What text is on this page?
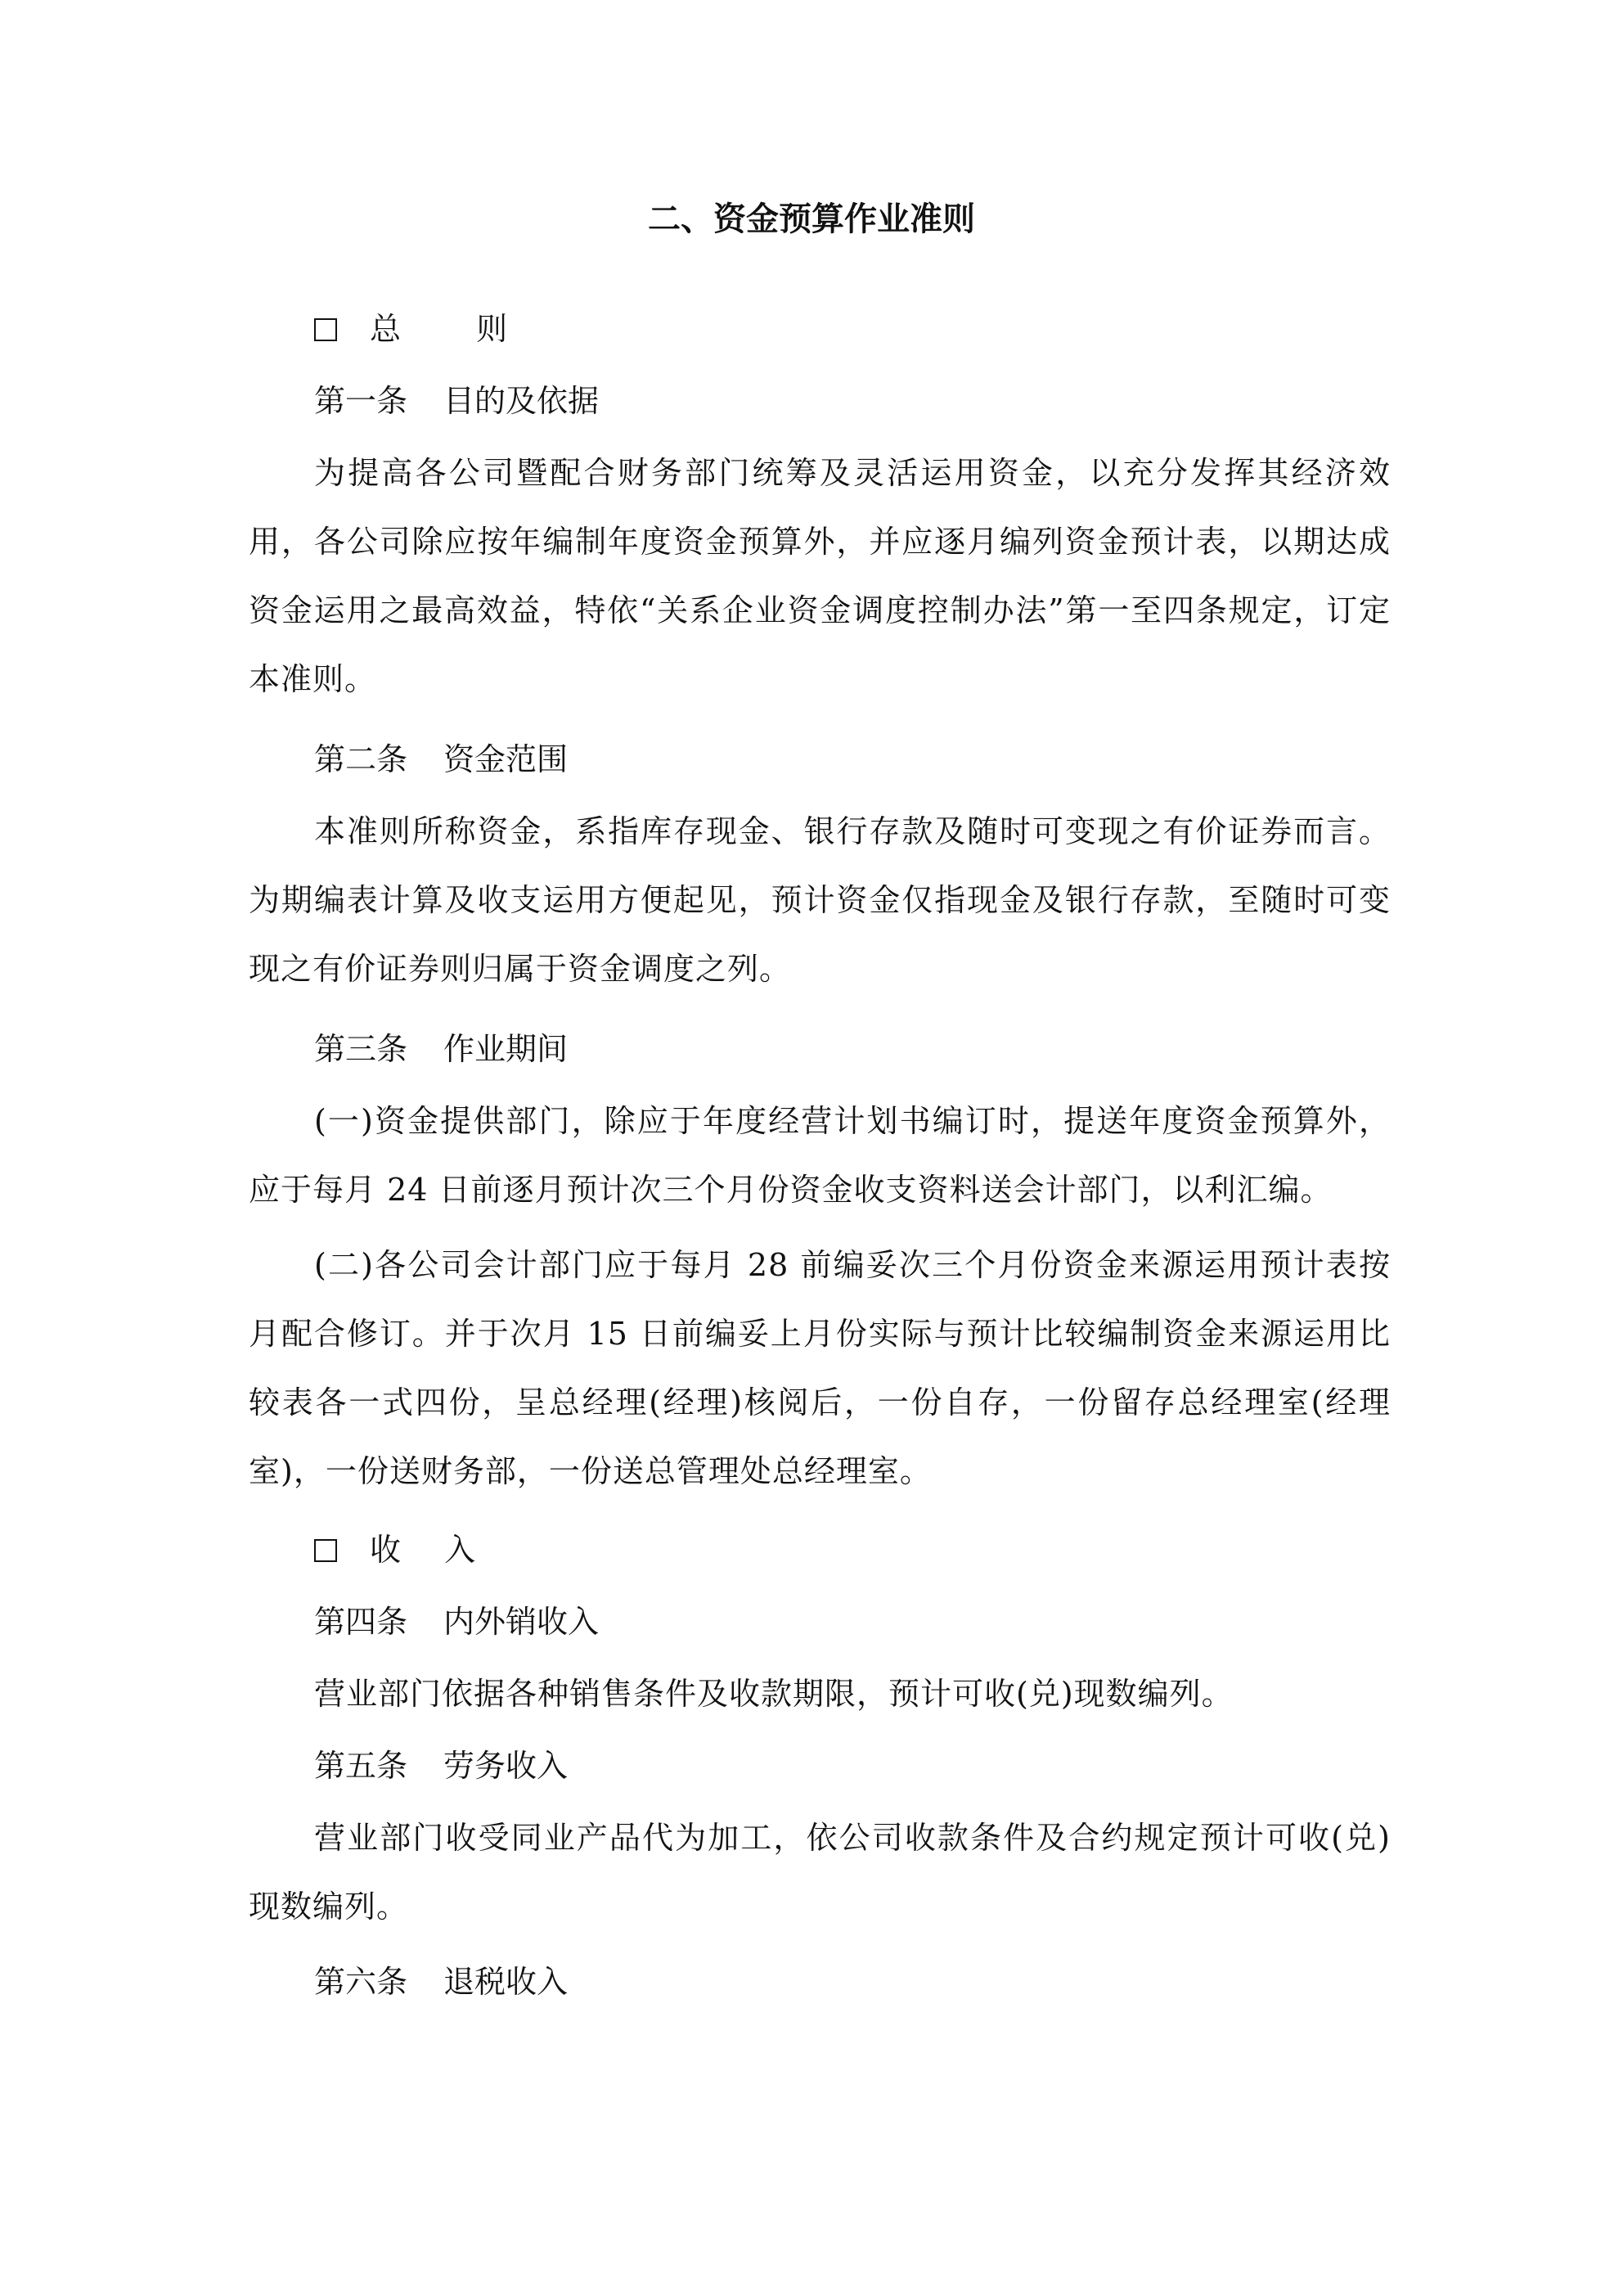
二、资金预算作业准则

总　　 则

第一条 目的及依据

为提高各公司暨配合财务部门统筹及灵活运用资金，以充分发挥其经济效用，各公司除应按年编制年度资金预算外，并应逐月编列资金预计表，以期达成资金运用之最高效益，特依“关系企业资金调度控制办法”第一至四条规定，订定本准则。

第二条 资金范围

本准则所称资金，系指库存现金、银行存款及随时可变现之有价证券而言。为期编表计算及收支运用方便起见，预计资金仅指现金及银行存款，至随时可变现之有价证券则归属于资金调度之列。

第三条 作业期间

(一)资金提供部门，除应于年度经营计划书编订时，提送年度资金预算外，应于每月 24 日前逐月预计次三个月份资金收支资料送会计部门，以利汇编。

(二)各公司会计部门应于每月 28 前编妥次三个月份资金来源运用预计表按月配合修订。并于次月 15 日前编妥上月份实际与预计比较编制资金来源运用比较表各一式四份，呈总经理(经理)核阅后，一份自存，一份留存总经理室(经理室)，一份送财务部，一份送总管理处总经理室。

收　 入

第四条 内外销收入

营业部门依据各种销售条件及收款期限，预计可收(兑)现数编列。

第五条 劳务收入

营业部门收受同业产品代为加工，依公司收款条件及合约规定预计可收(兑)现数编列。

第六条 退税收入
